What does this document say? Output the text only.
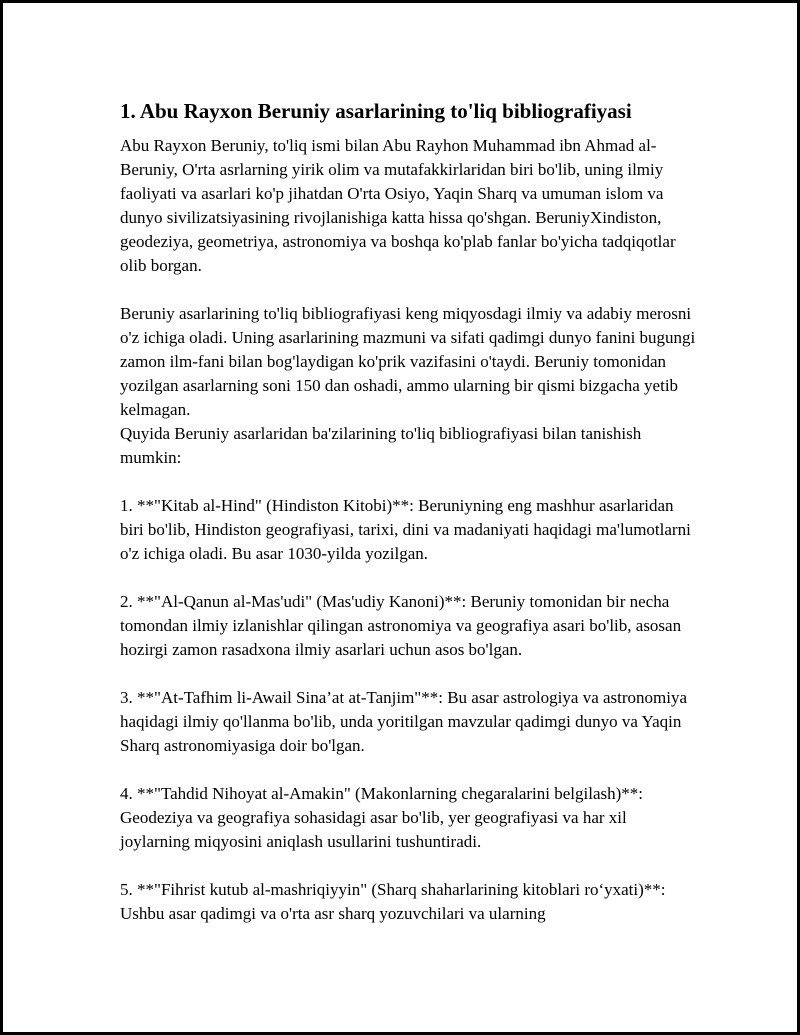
1. Abu Rayxon Beruniy asarlarining to'liq bibliografiyasi

Abu Rayxon Beruniy, to'liq ismi bilan Abu Rayhon Muhammad ibn Ahmad al-Beruniy, O'rta asrlarning yirik olim va mutafakkirlaridan biri bo'lib, uning ilmiy faoliyati va asarlari ko'p jihatdan O'rta Osiyo, Yaqin Sharq va umuman islom va dunyo sivilizatsiyasining rivojlanishiga katta hissa qo'shgan. BeruniyXindiston, geodeziya, geometriya, astronomiya va boshqa ko'plab fanlar bo'yicha tadqiqotlar olib borgan.

Beruniy asarlarining to'liq bibliografiyasi keng miqyosdagi ilmiy va adabiy merosni o'z ichiga oladi. Uning asarlarining mazmuni va sifati qadimgi dunyo fanini bugungi zamon ilm-fani bilan bog'laydigan ko'prik vazifasini o'taydi. Beruniy tomonidan yozilgan asarlarning soni 150 dan oshadi, ammo ularning bir qismi bizgacha yetib kelmagan.

Quyida Beruniy asarlaridan ba'zilarining to'liq bibliografiyasi bilan tanishish mumkin:

1. **"Kitab al-Hind" (Hindiston Kitobi)**: Beruniyning eng mashhur asarlaridan biri bo'lib, Hindiston geografiyasi, tarixi, dini va madaniyati haqidagi ma'lumotlarni o'z ichiga oladi. Bu asar 1030-yilda yozilgan.

2. **"Al-Qanun al-Mas'udi" (Mas'udiy Kanoni)**: Beruniy tomonidan bir necha tomondan ilmiy izlanishlar qilingan astronomiya va geografiya asari bo'lib, asosan hozirgi zamon rasadxona ilmiy asarlari uchun asos bo'lgan.

3. **"At-Tafhim li-Awail Sina’at at-Tanjim"**: Bu asar astrologiya va astronomiya haqidagi ilmiy qo'llanma bo'lib, unda yoritilgan mavzular qadimgi dunyo va Yaqin Sharq astronomiyasiga doir bo'lgan.

4. **"Tahdid Nihoyat al-Amakin" (Makonlarning chegaralarini belgilash)**: Geodeziya va geografiya sohasidagi asar bo'lib, yer geografiyasi va har xil joylarning miqyosini aniqlash usullarini tushuntiradi.

5. **"Fihrist kutub al-mashriqiyyin" (Sharq shaharlarining kitoblari ro‘yxati)**: Ushbu asar qadimgi va o'rta asr sharq yozuvchilari va ularning
